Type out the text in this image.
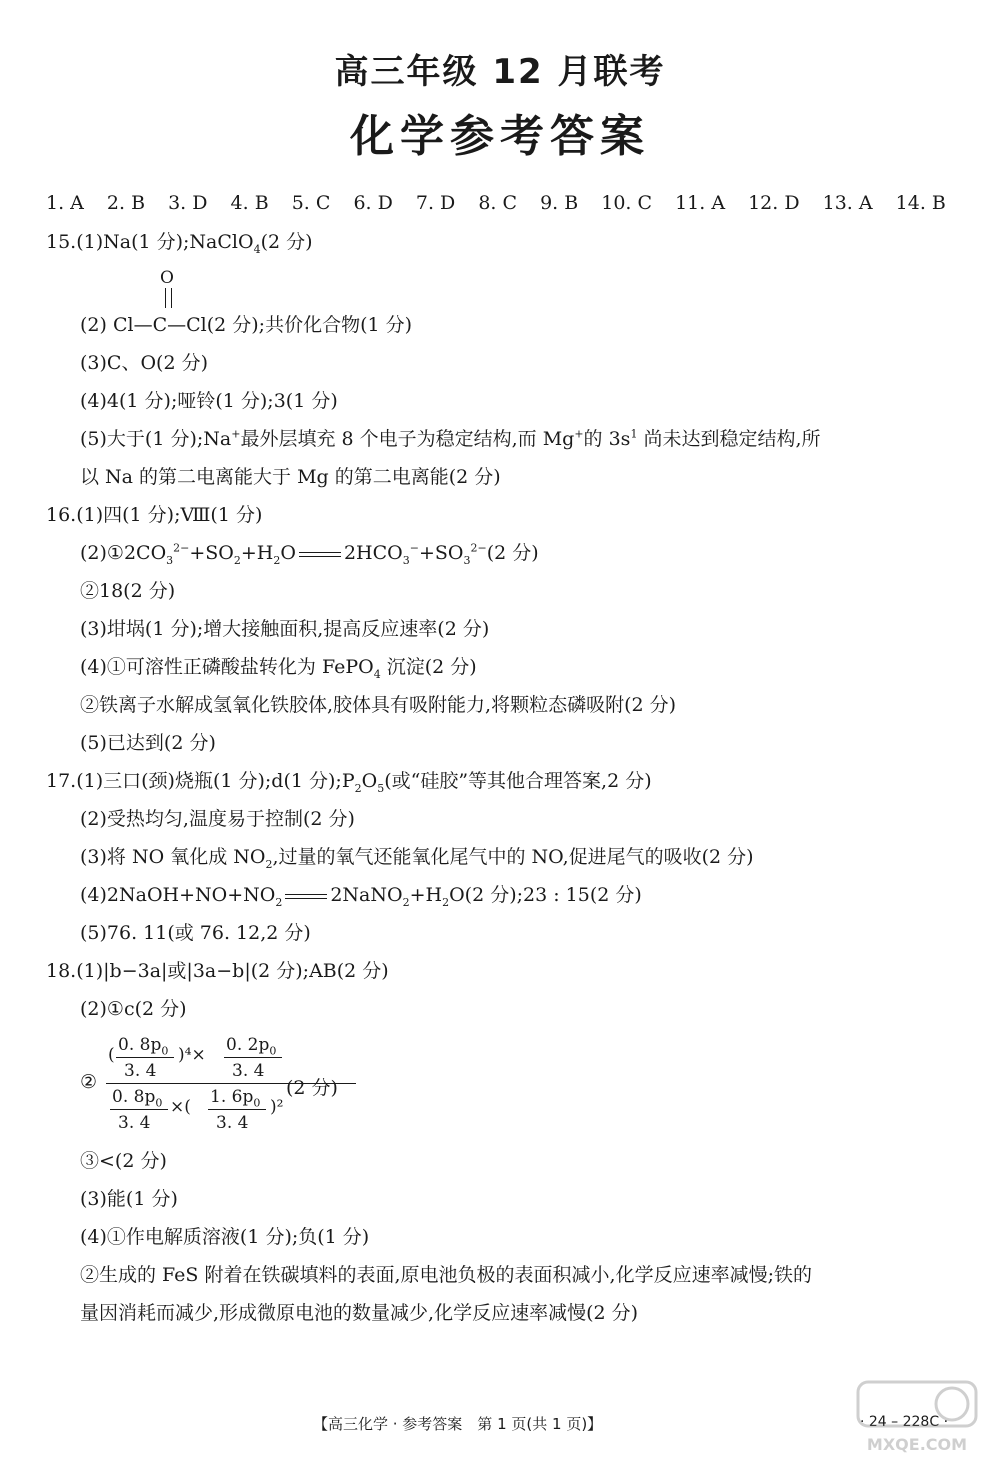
高三年级 12 月联考
化学参考答案
1. A 2. B 3. D 4. B 5. C 6. D 7. D 8. C 9. B 10. C 11. A 12. D 13. A 14. B
15.(1)Na(1 分);NaClO$_4$(2 分)
O
(2) Cl—C—Cl(2 分);共价化合物(1 分)
(3)C、O(2 分)
(4)4(1 分);哑铃(1 分);3(1 分)
(5)大于(1 分);Na+最外层填充 8 个电子为稳定结构,而 Mg+的 $3s^1$ 尚未达到稳定结构,所
以 Na 的第二电离能大于 Mg 的第二电离能(2 分)
16.(1)四(1 分);Ⅷ(1 分)
$(2)①2CO_3^{2-}+SO_2+H_2O$	$2HCO_3^-+SO_3^{2-}(2$ 分)
②18(2 分)
(3)坩埚(1 分);增大接触面积,提高反应速率(2 分)
(4)①可溶性正磷酸盐转化为 FePO$_4$ 沉淀(2 分)
②铁离子水解成氢氧化铁胶体,胶体具有吸附能力,将颗粒态磷吸附(2 分)
(5)已达到(2 分)
17.(1)三口(颈)烧瓶(1 分);d(1 分)$;P_2O_5$(或“硅胶”等其他合理答案,2 分)
(2)受热均匀,温度易于控制(2 分)
(3)将 NO 氧化成 $NO_2$,过量的氧气还能氧化尾气中的 NO,促进尾气的吸收(2 分)
$(4)2NaOH+NO+NO_2$	$2NaNO_2+H_2O(2$ 分);23 : 15(2 分)
(5)76. 11(或 76. 12,2 分)
18.(1)|b−3a|或|3a−b|(2 分);AB(2 分)
(2)①c(2 分)
②
( 0. $8p_0$
3. 4
)⁴× 0. $2p_0$
3. 4
0. $8p_0$
3. 4
×( 1. $6p_0$
3. 4
)²
(2 分)
③<(2 分)
(3)能(1 分)
(4)①作电解质溶液(1 分);负(1 分)
②生成的 FeS 附着在铁碳填料的表面,原电池负极的表面积减小,化学反应速率减慢;铁的
量因消耗而减少,形成微原电池的数量减少,化学反应速率减慢(2 分)
【高三化学 · 参考答案　第 1 页(共 1 页)】	· 24 – 228C ·
MXQE.COM
